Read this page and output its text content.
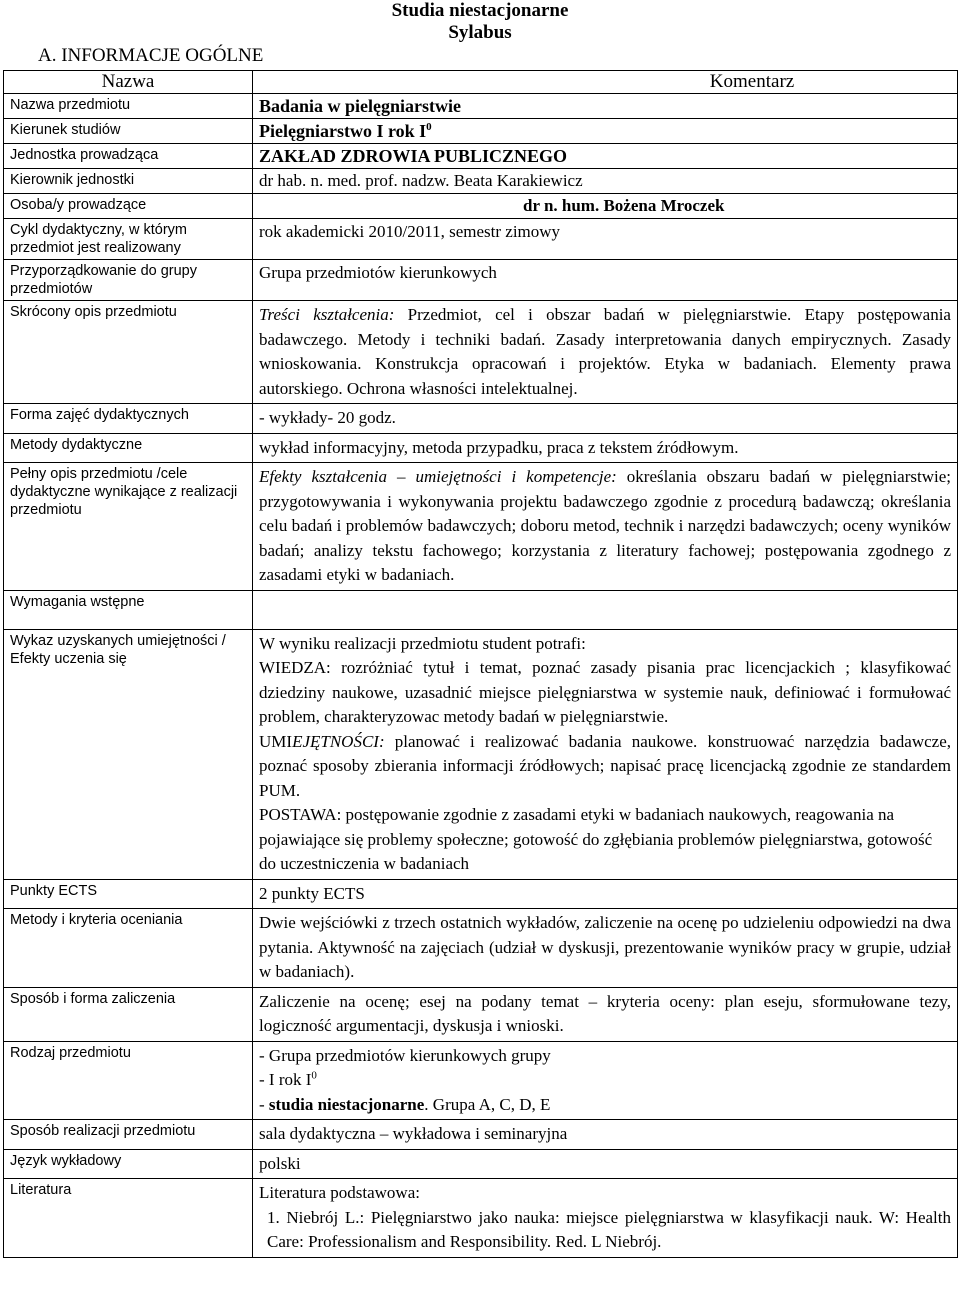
Studia niestacjonarne
Sylabus
A. INFORMACJE OGÓLNE
Nazwa	Komentarz
Nazwa przedmiotu	Badania w pielęgniarstwie
Kierunek studiów	Pielęgniarstwo I rok $I^0$
Jednostka prowadząca	ZAKŁAD ZDROWIA PUBLICZNEGO
Kierownik jednostki	dr hab. n. med. prof. nadzw. Beata Karakiewicz
Osoba/y prowadzące	dr n. hum. Bożena Mroczek
Cykl dydaktyczny, w którym przedmiot jest realizowany	rok akademicki 2010/2011, semestr zimowy
Przyporządkowanie do grupy przedmiotów	Grupa przedmiotów kierunkowych
Skrócony opis przedmiotu	Treści kształcenia: Przedmiot, cel i obszar badań w pielęgniarstwie. Etapy postępowania badawczego. Metody i techniki badań. Zasady interpretowania danych empirycznych. Zasady wnioskowania. Konstrukcja opracowań i projektów. Etyka w badaniach. Elementy prawa autorskiego. Ochrona własności intelektualnej.
Forma zajęć dydaktycznych	- wykłady- 20 godz.
Metody dydaktyczne	wykład informacyjny, metoda przypadku, praca z tekstem źródłowym.
Pełny opis przedmiotu /cele dydaktyczne wynikające z realizacji przedmiotu	Efekty kształcenia – umiejętności i kompetencje: określania obszaru badań w pielęgniarstwie; przygotowywania i wykonywania projektu badawczego zgodnie z procedurą badawczą; określania celu badań i problemów badawczych; doboru metod, technik i narzędzi badawczych; oceny wyników badań; analizy tekstu fachowego; korzystania z literatury fachowej; postępowania zgodnego z zasadami etyki w badaniach.
Wymagania wstępne	
Wykaz uzyskanych umiejętności / Efekty uczenia się	W wyniku realizacji przedmiotu student potrafi:

WIEDZA: rozróżniać tytuł i temat, poznać zasady pisania prac licencjackich ; klasyfikować dziedziny naukowe, uzasadnić miejsce pielęgniarstwa w systemie nauk, definiować i formułować problem, charakteryzowac metody badań w pielęgniarstwie.

UMIEJĘTNOŚCI: planować i realizować badania naukowe. konstruować narzędzia badawcze, poznać sposoby zbierania informacji źródłowych; napisać pracę licencjacką zgodnie ze standardem PUM.

POSTAWA: postępowanie zgodnie z zasadami etyki w badaniach naukowych, reagowania na pojawiające się problemy społeczne; gotowość do zgłębiania problemów pielęgniarstwa, gotowość do uczestniczenia w badaniach

Punkty ECTS	2 punkty ECTS
Metody i kryteria oceniania	Dwie wejściówki z trzech ostatnich wykładów, zaliczenie na ocenę po udzieleniu odpowiedzi na dwa pytania. Aktywność na zajęciach (udział w dyskusji, prezentowanie wyników pracy w grupie, udział w badaniach).
Sposób i forma zaliczenia	Zaliczenie na ocenę; esej na podany temat – kryteria oceny: plan eseju, sformułowane tezy, logiczność argumentacji, dyskusja i wnioski.
Rodzaj przedmiotu	- Grupa przedmiotów kierunkowych grupy

- I rok $I^0$

- studia niestacjonarne. Grupa A, C, D, E

Sposób realizacji przedmiotu	sala dydaktyczna – wykładowa i seminaryjna
Język wykładowy	polski
Literatura	Literatura podstawowa:

1. Niebrój L.: Pielęgniarstwo jako nauka: miejsce pielęgniarstwa w klasyfikacji nauk. W: Health Care: Professionalism and Responsibility. Red. L Niebrój.
